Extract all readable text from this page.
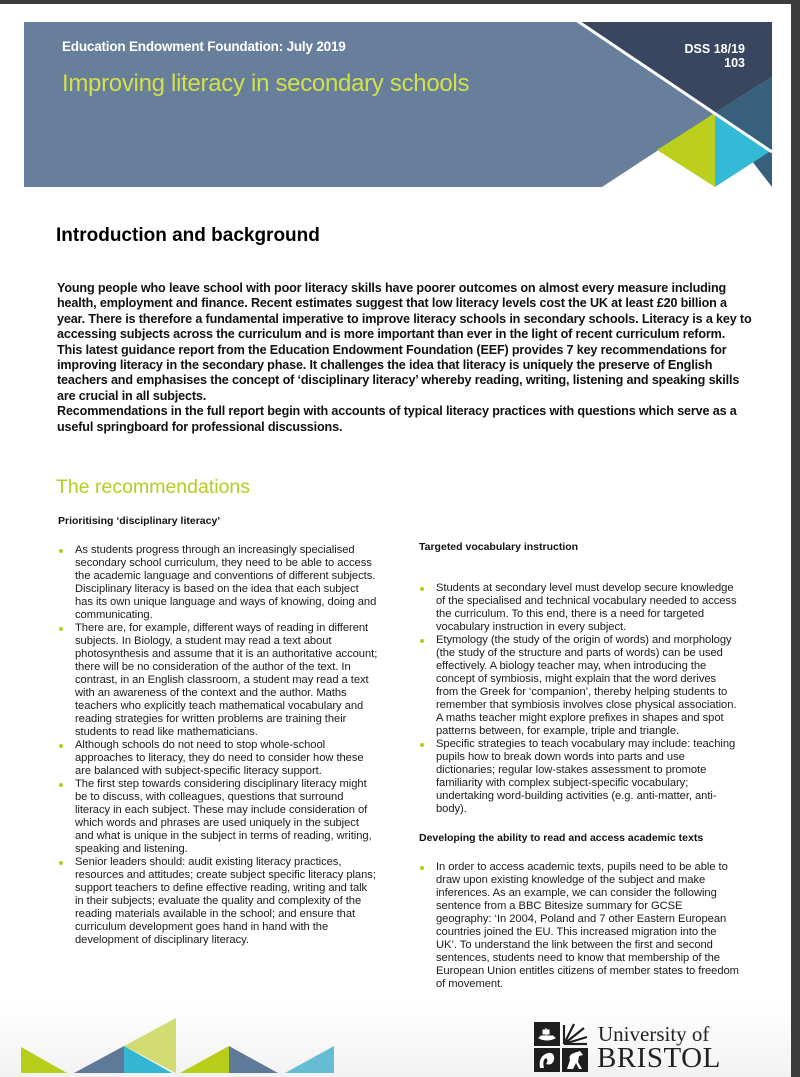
Education Endowment Foundation: July 2019
Improving literacy in secondary schools
DSS 18/19
103
Introduction and background

Young people who leave school with poor literacy skills have poorer outcomes on almost every measure including health, employment and finance. Recent estimates suggest that low literacy levels cost the UK at least £20 billion a year. There is therefore a fundamental imperative to improve literacy schools in secondary schools. Literacy is a key to accessing subjects across the curriculum and is more important than ever in the light of recent curriculum reform.

This latest guidance report from the Education Endowment Foundation (EEF) provides 7 key recommendations for improving literacy in the secondary phase. It challenges the idea that literacy is uniquely the preserve of English teachers and emphasises the concept of ‘disciplinary literacy’ whereby reading, writing, listening and speaking skills are crucial in all subjects.

Recommendations in the full report begin with accounts of typical literacy practices with questions which serve as a useful springboard for professional discussions.

The recommendations

Prioritising ‘disciplinary literacy’

As students progress through an increasingly specialised secondary school curriculum, they need to be able to access the academic language and conventions of different subjects. Disciplinary literacy is based on the idea that each subject has its own unique language and ways of knowing, doing and communicating.
There are, for example, different ways of reading in different subjects. In Biology, a student may read a text about photosynthesis and assume that it is an authoritative account; there will be no consideration of the author of the text. In contrast, in an English classroom, a student may read a text with an awareness of the context and the author. Maths teachers who explicitly teach mathematical vocabulary and reading strategies for written problems are training their students to read like mathematicians.
Although schools do not need to stop whole-school approaches to literacy, they do need to consider how these are balanced with subject-specific literacy support.
The first step towards considering disciplinary literacy might be to discuss, with colleagues, questions that surround literacy in each subject. These may include consideration of which words and phrases are used uniquely in the subject and what is unique in the subject in terms of reading, writing, speaking and listening.
Senior leaders should: audit existing literacy practices, resources and attitudes; create subject specific literacy plans; support teachers to define effective reading, writing and talk in their subjects; evaluate the quality and complexity of the reading materials available in the school; and ensure that curriculum development goes hand in hand with the development of disciplinary literacy.

Targeted vocabulary instruction

Students at secondary level must develop secure knowledge of the specialised and technical vocabulary needed to access the curriculum. To this end, there is a need for targeted vocabulary instruction in every subject.
Etymology (the study of the origin of words) and morphology (the study of the structure and parts of words) can be used effectively. A biology teacher may, when introducing the concept of symbiosis, might explain that the word derives from the Greek for ‘companion’, thereby helping students to remember that symbiosis involves close physical association. A maths teacher might explore prefixes in shapes and spot patterns between, for example, triple and triangle.
Specific strategies to teach vocabulary may include: teaching pupils how to break down words into parts and use dictionaries; regular low-stakes assessment to promote familiarity with complex subject-specific vocabulary; undertaking word-building activities (e.g. anti-matter, anti-body).

Developing the ability to read and access academic texts

In order to access academic texts, pupils need to be able to draw upon existing knowledge of the subject and make inferences. As an example, we can consider the following sentence from a BBC Bitesize summary for GCSE geography: ‘In 2004, Poland and 7 other Eastern European countries joined the EU. This increased migration into the UK’. To understand the link between the first and second sentences, students need to know that membership of the European Union entitles citizens of member states to freedom of movement.
University of
BRISTOL
